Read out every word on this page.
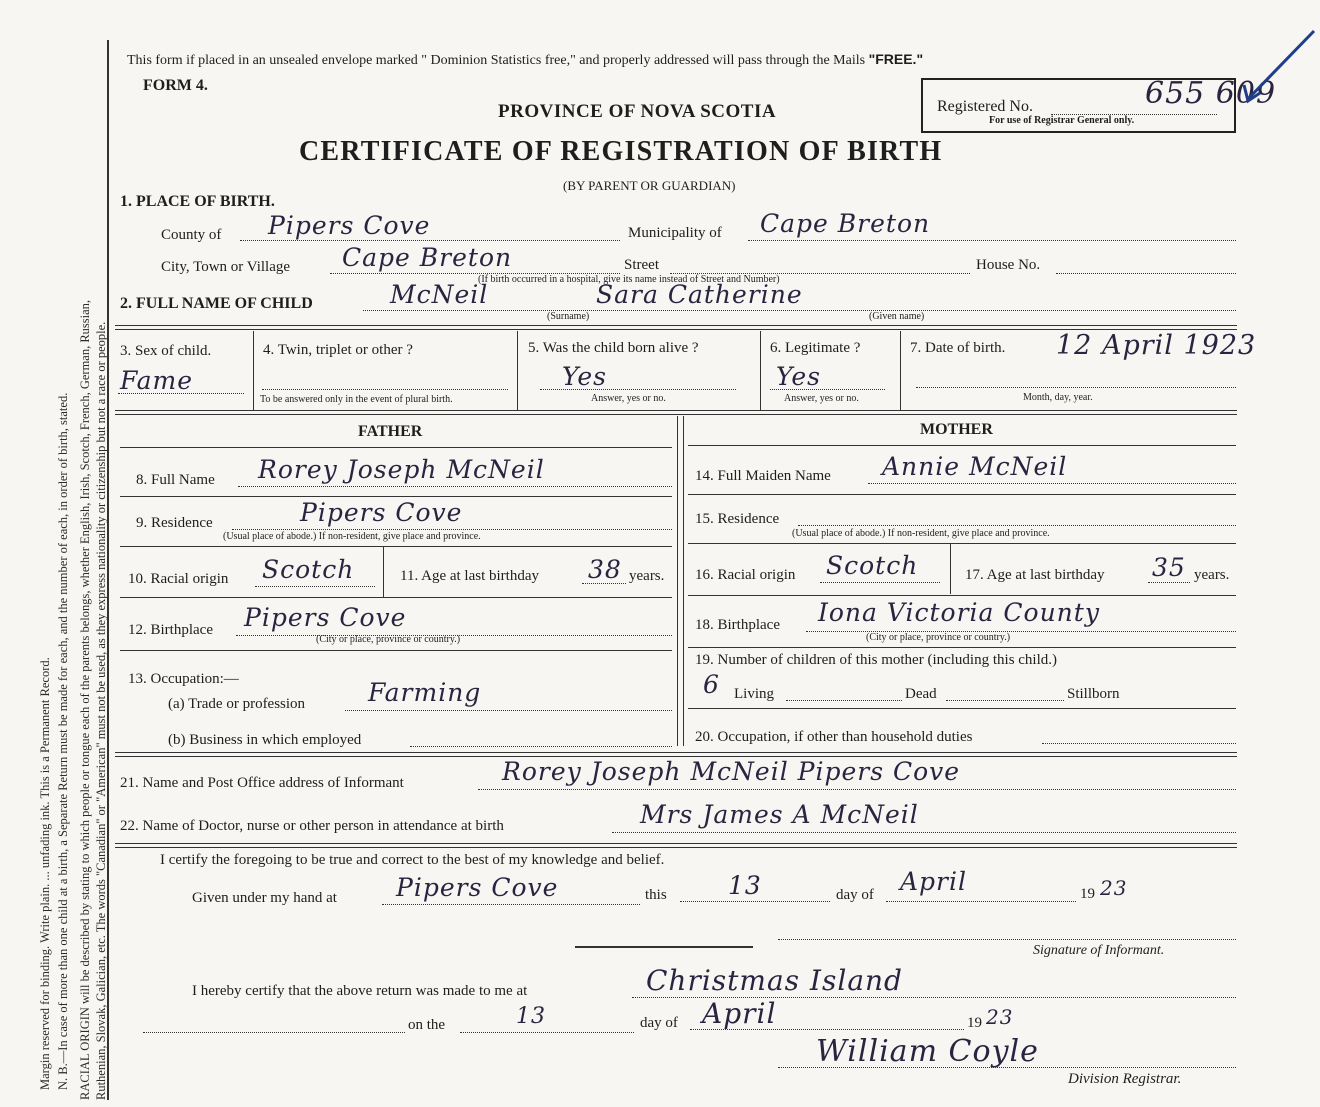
Margin reserved for binding. Write plain. ... unfading ink. This is a Permanent Record. N. B.—In case of more than one child at a birth, a Separate Return must be made for each, and the number of each, in order of birth, stated. RACIAL ORIGIN will be described by stating to which people or tongue each of the parents belongs, whether English, Irish, Scotch, French, German, Russian, Ruthenian, Slovak, Galician, etc. The words "Canadian" or "American" must not be used, as they express nationality or citizenship but not a race or people.
This form if placed in an unsealed envelope marked " Dominion Statistics free," and properly addressed will pass through the Mails "FREE."
FORM 4.
PROVINCE OF NOVA SCOTIA
CERTIFICATE OF REGISTRATION OF BIRTH
(BY PARENT OR GUARDIAN)
Registered No.	655 609
For use of Registrar General only.
1. PLACE OF BIRTH.
County of Pipers Cove	Municipality of Cape Breton
City, Town or Village Cape Breton	Street	House No.
(If birth occurred in a hospital, give its name instead of Street and Number)
2. FULL NAME OF CHILD	McNeil	Sara Catherine
(Surname)	(Given name)
3. Sex of child.
Fame
4. Twin, triplet or other ?
To be answered only in the event of plural birth.
5. Was the child born alive ?
Yes
Answer, yes or no.
6. Legitimate ?
Yes
Answer, yes or no.
7. Date of birth. 12 April 1923
Month, day, year.
FATHER	MOTHER
8. Full Name Rorey Joseph McNeil
9. Residence	Pipers Cove
(Usual place of abode.) If non-resident, give place and province.
10. Racial origin Scotch	11. Age at last birthday 38 years.
12. Birthplace Pipers Cove
(City or place, province or country.)
13. Occupation:—
(a) Trade or profession	Farming
(b) Business in which employed
14. Full Maiden Name Annie McNeil
15. Residence
(Usual place of abode.) If non-resident, give place and province.
16. Racial origin Scotch	17. Age at last birthday 35 years.
18. Birthplace Iona Victoria County
(City or place, province or country.)
19. Number of children of this mother (including this child.)
6 Living	Dead	Stillborn
20. Occupation, if other than household duties
21. Name and Post Office address of Informant	Rorey Joseph McNeil Pipers Cove
22. Name of Doctor, nurse or other person in attendance at birth	Mrs James A McNeil
I certify the foregoing to be true and correct to the best of my knowledge and belief.
Given under my hand at Pipers Cove	this 13	day of April	19 23
Signature of Informant.
I hereby certify that the above return was made to me at	Christmas Island
on the	13	day of April	19 23
William Coyle
Division Registrar.
